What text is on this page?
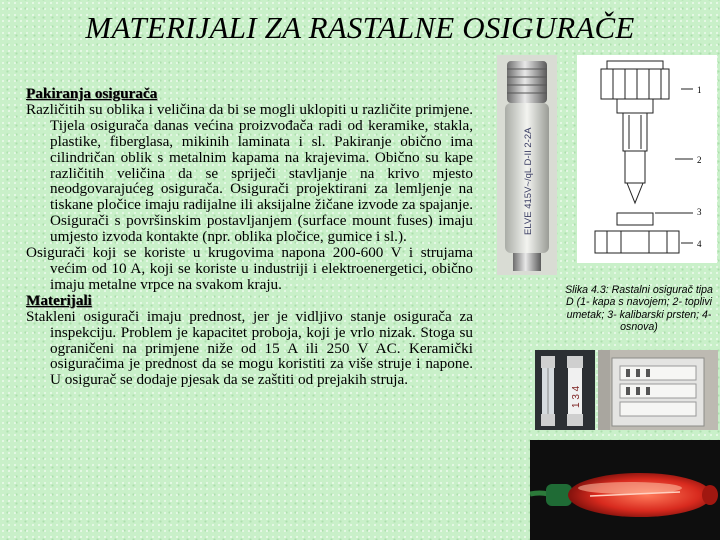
MATERIJALI ZA RASTALNE OSIGURAČE
Pakiranja osigurača

Različitih su oblika i veličina da bi se mogli uklopiti u različite primjene. Tijela osigurača danas većina proizvođača radi od keramike, stakla, plastike, fiberglasa, mikinih laminata i sl. Pakiranje obično ima cilindričan oblik s metalnim kapama na krajevima. Obično su kape različitih veličina da se spriječi stavljanje na krivo mjesto neodgovarajućeg osigurača. Osigurači projektirani za lemljenje na tiskane pločice imaju radijalne ili aksijalne žičane izvode za spajanje. Osigurači s površinskim postavljanjem (surface mount fuses) imaju umjesto izvoda kontakte (npr. oblika pločice, gumice i sl.).

Osigurači koji se koriste u krugovima napona 200-600 V i strujama većim od 10 A, koji se koriste u industriji i elektroenergetici, obično imaju metalne vrpce na svakom kraju.

Materijali

Stakleni osigurači imaju prednost, jer je vidljivo stanje osigurača za inspekciju. Problem je kapacitet proboja, koji je vrlo nizak. Stoga su ograničeni na primjene niže od 15 A ili 250 V AC. Keramički osiguračima je prednost da se mogu koristiti za više struje i napone. U osigurač se dodaje pjesak da se zaštiti od prejakih struja.

ELVE 415V~/qL D-II 2-2A
1
2
3
4
Slika 4.3: Rastalni osigurač tipa D (1- kapa s navojem; 2- toplivi umetak; 3- kalibarski prsten; 4- osnova)
1 3 4
